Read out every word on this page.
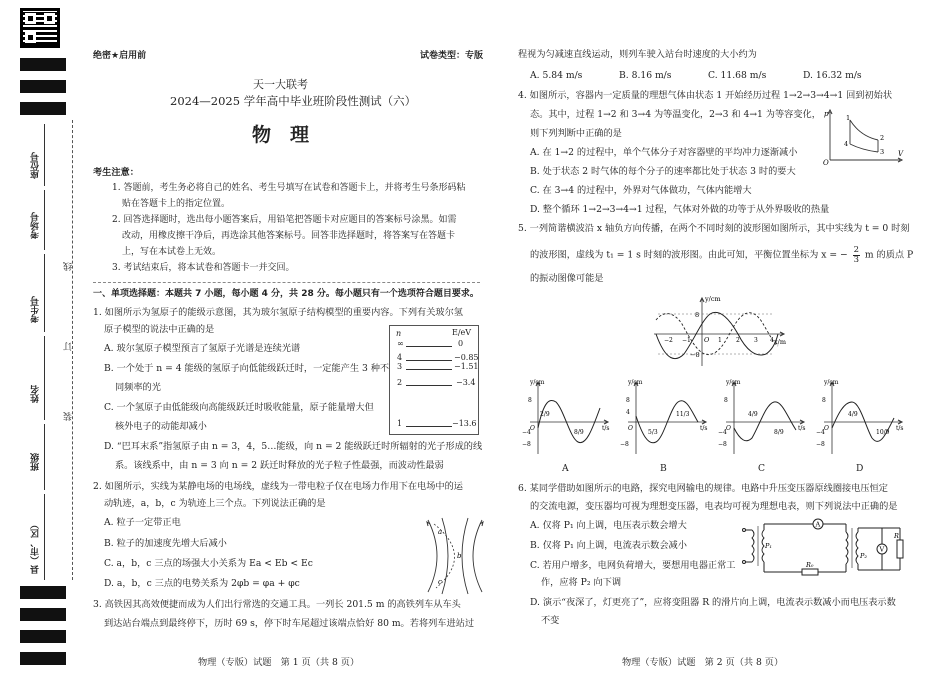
座位号
考场号
考生号
姓名
班级
县（市、区）
线
订
装
绝密★启用前	试卷类型：专版
天一大联考
2024—2025 学年高中毕业班阶段性测试（六）
物　理
考生注意：
1. 答题前，考生务必将自己的姓名、考生号填写在试卷和答题卡上，并将考生号条形码粘
贴在答题卡上的指定位置。
2. 回答选择题时，选出每小题答案后，用铅笔把答题卡对应题目的答案标号涂黑。如需
改动，用橡皮擦干净后，再选涂其他答案标号。回答非选择题时，将答案写在答题卡
上，写在本试卷上无效。
3. 考试结束后，将本试卷和答题卡一并交回。
一、单项选择题：本题共 7 小题，每小题 4 分，共 28 分。每小题只有一个选项符合题目要求。
1. 如图所示为氢原子的能级示意图，其为玻尔氢原子结构模型的重要内容。下列有关玻尔氢
原子模型的说法中正确的是
A. 玻尔氢原子模型预言了氢原子光谱是连续光谱
B. 一个处于 n = 4 能级的氢原子向低能级跃迁时，一定能产生 3 种不
同频率的光
C. 一个氢原子由低能级向高能级跃迁时吸收能量，原子能量增大但
核外电子的动能却减小
D. “巴耳末系”指氢原子由 n = 3，4，5…能级，向 n = 2 能级跃迁时所辐射的光子形成的线
系。该线系中，由 n = 3 向 n = 2 跃迁时释放的光子粒子性最强，而波动性最弱
n	E/eV
∞	0
4	−0.85
3	−1.51
2	−3.4
1	−13.6
2. 如图所示，实线为某静电场的电场线，虚线为一带电粒子仅在电场力作用下在电场中的运
动轨迹，a，b，c 为轨迹上三个点。下列说法正确的是
A. 粒子一定带正电
B. 粒子的加速度先增大后减小
C. a，b，c 三点的场强大小关系为 Ea < Eb < Ec
D. a，b，c 三点的电势关系为 2φb = φa + φc
a
b
c
3. 高铁因其高效便捷而成为人们出行常选的交通工具。一列长 201.5 m 的高铁列车从车头
到达站台端点到最终停下，历时 69 s，停下时车尾超过该端点恰好 80 m。若将列车进站过
物理（专版）试题　第 1 页（共 8 页）
程视为匀减速直线运动，则列车驶入站台时速度的大小约为
A. 5.84 m/s	B. 8.16 m/s	C. 11.68 m/s	D. 16.32 m/s
4. 如图所示，容器内一定质量的理想气体由状态 1 开始经历过程 1→2→3→4→1 回到初始状
态。其中，过程 1→2 和 3→4 为等温变化，2→3 和 4→1 为等容变化，
则下列判断中正确的是
A. 在 1→2 的过程中，单个气体分子对容器壁的平均冲力逐渐减小
B. 处于状态 2 时气体的每个分子的速率都比处于状态 3 时的要大
C. 在 3→4 的过程中，外界对气体做功，气体内能增大
D. 整个循环 1→2→3→4→1 过程，气体对外做的功等于从外界吸收的热量
p
V
O
1
2
3
4
5. 一列简谐横波沿 x 轴负方向传播，在两个不同时刻的波形图如图所示，其中实线为 t = 0 时刻
的波形图，虚线为 t₁ = 1 s 时刻的波形图。由此可知，平衡位置坐标为 x = − $\frac{2}{3}$ m 的质点 P
的振动图像可能是
y/cm
x/m
8
−8
O
−2 −1	1 2 3 4
y/cm
t/s
8
−4
−8
O
2/9
8/9
A
y/cm
t/s
8
4
−8
O
11/3
5/3
B
y/cm
t/s
8
−4
−8
O
4/9
8/9
C
y/cm
t/s
8
−4
−8
O
4/9
10/9
D
6. 某同学借助如图所示的电路，探究电网输电的规律。电路中升压变压器原线圈接电压恒定
的交流电源，变压器均可视为理想变压器，电表均可视为理想电表，则下列说法中正确的是
A. 仅将 P₁ 向上调，电压表示数会增大
B. 仅将 P₁ 向上调，电流表示数会减小
C. 若用户增多，电网负荷增大，要想用电器正常工
作，应将 P₂ 向下调
D. 演示“夜深了，灯更亮了”，应将变阻器 R 的滑片向上调，电流表示数减小而电压表示数
不变
P₁
R₀
A
P₂
V
R
物理（专版）试题　第 2 页（共 8 页）
